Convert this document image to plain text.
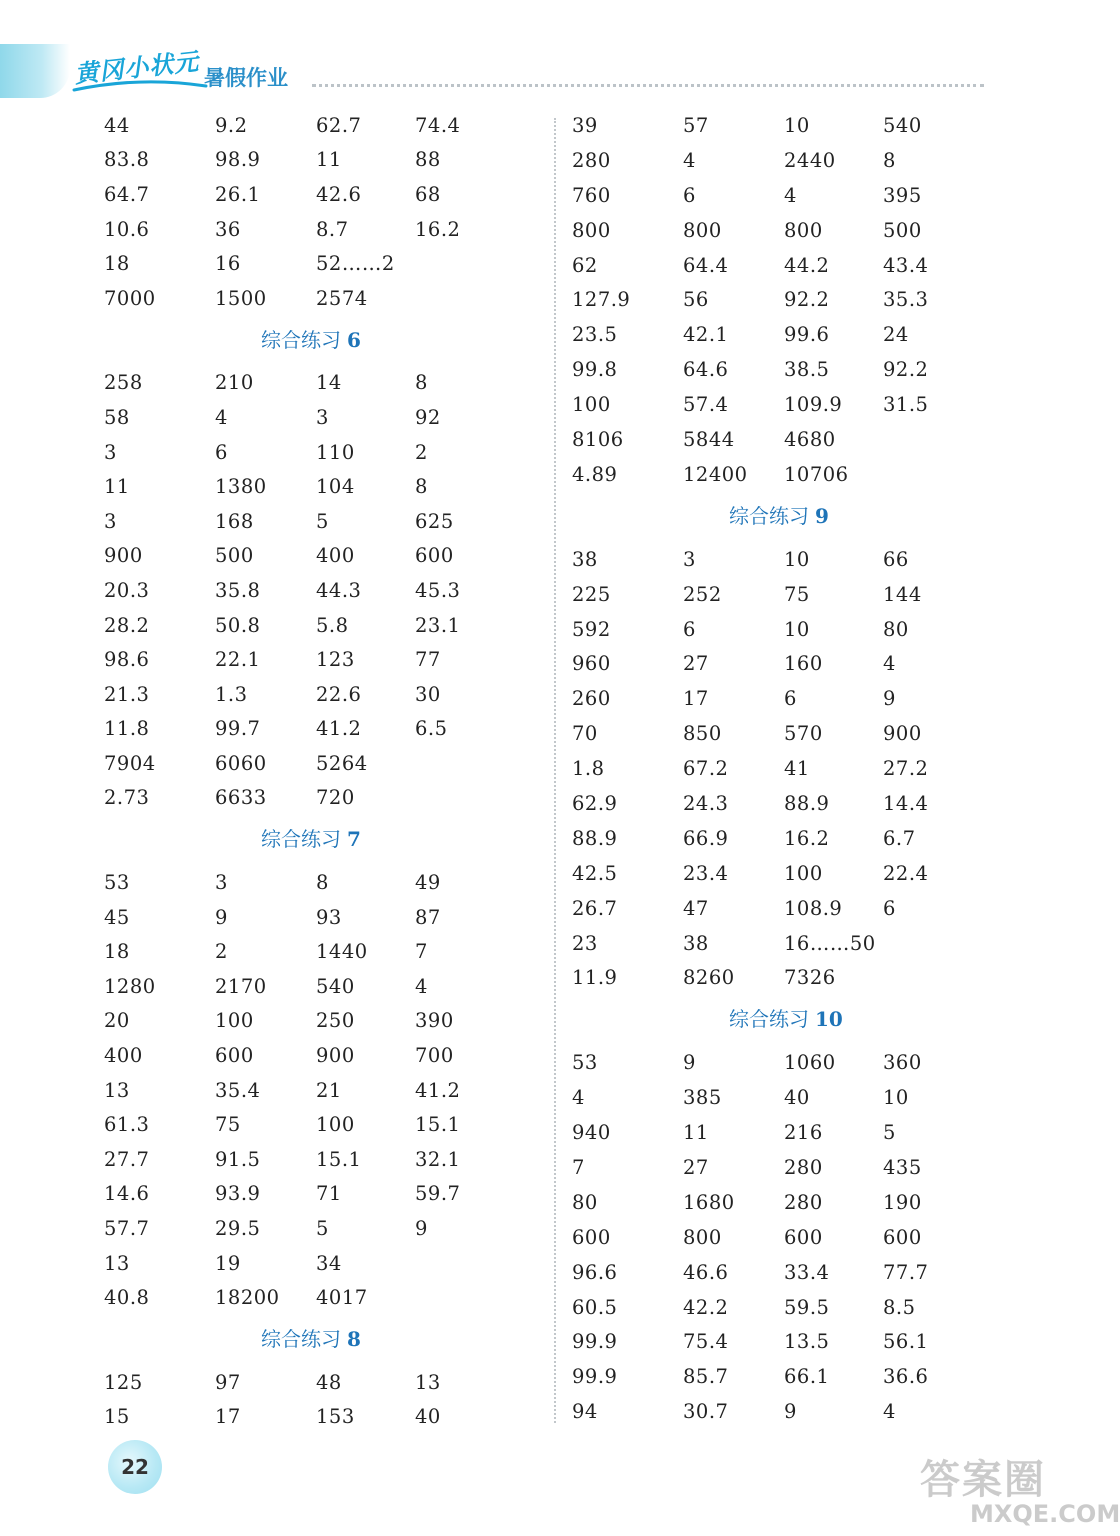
黄冈小状元 暑假作业
44	9.2	62.7	74.4
83.8	98.9	11	88
64.7	26.1	42.6	68
10.6	36	8.7	16.2
18	16	52……2
7000	1500	2574
综合练习 6
258	210	14	8
58	4	3	92
3	6	110	2
11	1380	104	8
3	168	5	625
900	500	400	600
20.3	35.8	44.3	45.3
28.2	50.8	5.8	23.1
98.6	22.1	123	77
21.3	1.3	22.6	30
11.8	99.7	41.2	6.5
7904	6060	5264
2.73	6633	720
综合练习 7
53	3	8	49
45	9	93	87
18	2	1440	7
1280	2170	540	4
20	100	250	390
400	600	900	700
13	35.4	21	41.2
61.3	75	100	15.1
27.7	91.5	15.1	32.1
14.6	93.9	71	59.7
57.7	29.5	5	9
13	19	34
40.8	18200	4017
综合练习 8
125	97	48	13
15	17	153	40
39	57	10	540
280	4	2440	8
760	6	4	395
800	800	800	500
62	64.4	44.2	43.4
127.9	56	92.2	35.3
23.5	42.1	99.6	24
99.8	64.6	38.5	92.2
100	57.4	109.9	31.5
8106	5844	4680
4.89	12400	10706
综合练习 9
38	3	10	66
225	252	75	144
592	6	10	80
960	27	160	4
260	17	6	9
70	850	570	900
1.8	67.2	41	27.2
62.9	24.3	88.9	14.4
88.9	66.9	16.2	6.7
42.5	23.4	100	22.4
26.7	47	108.9	6
23	38	16……50
11.9	8260	7326
综合练习 10
53	9	1060	360
4	385	40	10
940	11	216	5
7	27	280	435
80	1680	280	190
600	800	600	600
96.6	46.6	33.4	77.7
60.5	42.2	59.5	8.5
99.9	75.4	13.5	56.1
99.9	85.7	66.1	36.6
94	30.7	9	4
22	答案圈
MXQE.COM
